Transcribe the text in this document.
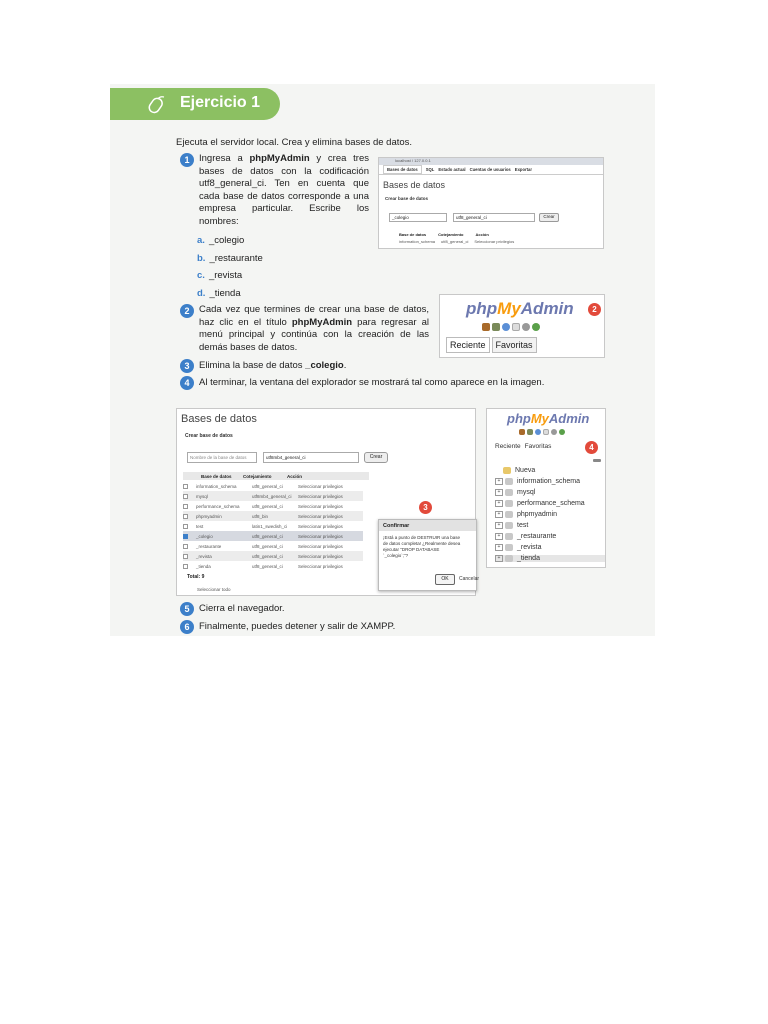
Ejercicio 1
Ejecuta el servidor local. Crea y elimina bases de datos.
1	Ingresa a phpMyAdmin y crea tres bases de datos con la codificación utf8_general_ci. Ten en cuenta que cada base de datos corresponde a una empresa particular. Escribe los nombres:
a. _colegio
b. _restaurante
c. _revista
d. _tienda
localhost / 127.0.0.1
Bases de datos	SQL Estado actual Cuentas de usuarios Exportar
Bases de datos
Crear base de datos
_colegio	utf8_general_ci	Crear
Base de datos	Cotejamiento	Acción
information_schema utf8_general_ci Seleccionar privilegios
2	Cada vez que termines de crear una base de datos, haz clic en el título phpMyAdmin para regresar al menú principal y continúa con la creación de las demás bases de datos.
phpMyAdmin	2
Reciente	Favoritas
3	Elimina la base de datos _colegio.
4	Al terminar, la ventana del explorador se mostrará tal como aparece en la imagen.
Bases de datos
Crear base de datos
Nombre de la base de datos	utf8mb4_general_ci	Crear
Base de datos	Cotejamiento	Acción
information_schema	utf8_general_ci	Seleccionar privilegios
mysql	utf8mb4_general_ci	Seleccionar privilegios
performance_schema	utf8_general_ci	Seleccionar privilegios
phpmyadmin	utf8_bin	Seleccionar privilegios
test	latin1_swedish_ci	Seleccionar privilegios
_colegio	utf8_general_ci	Seleccionar privilegios
_restaurante	utf8_general_ci	Seleccionar privilegios
_revista	utf8_general_ci	Seleccionar privilegios
_tienda	utf8_general_ci	Seleccionar privilegios
Total: 9
Seleccionar todo
3
Confirmar
¡Está a punto de DESTRUIR una base
de datos completa! ¿Realmente desea
ejecutar "DROP DATABASE
`_colegio`;"?
OK	Cancelar
phpMyAdmin
Reciente Favoritas	4
Nueva
+	information_schema
+	mysql
+	performance_schema
+	phpmyadmin
+	test
+	_restaurante
+	_revista
+	_tienda
5	Cierra el navegador.
6	Finalmente, puedes detener y salir de XAMPP.
